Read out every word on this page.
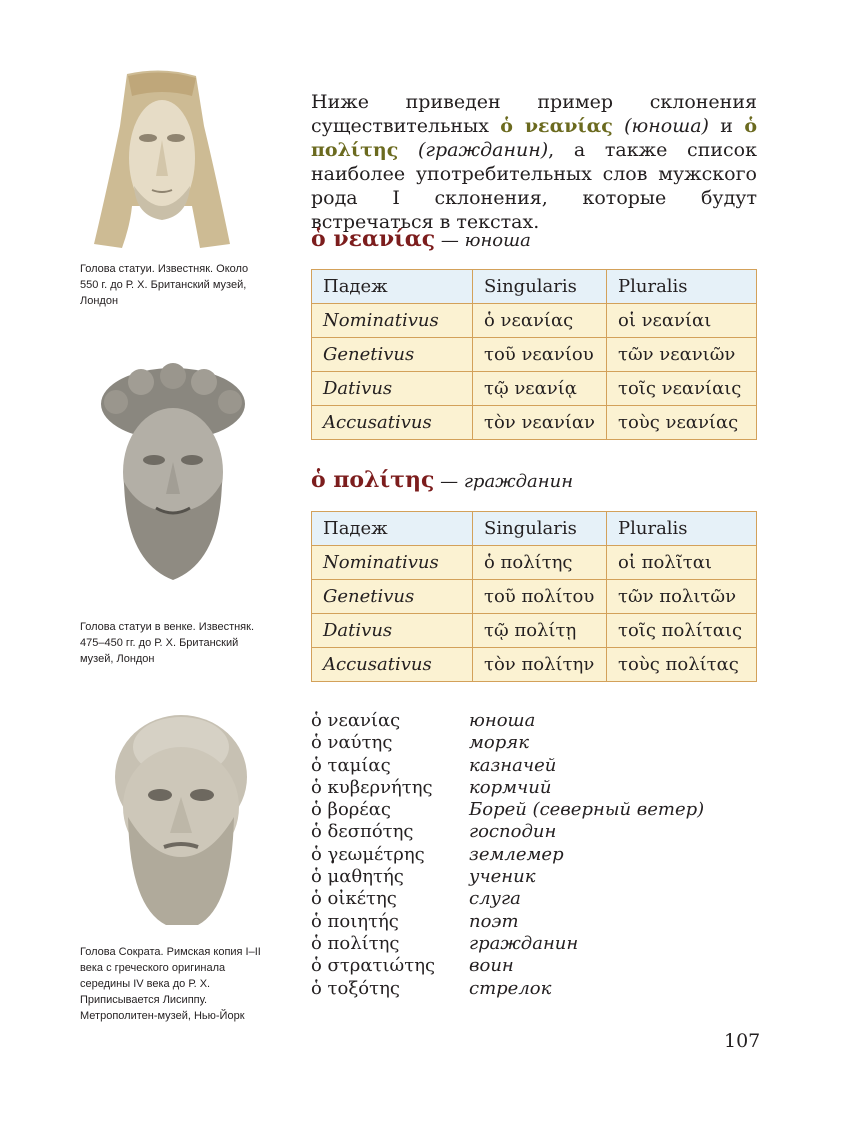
Голова статуи. Известняк. Около 550 г. до Р. Х. Британский музей, Лондон
Голова статуи в венке. Известняк. 475–450 гг. до Р. Х. Британский музей, Лондон
Голова Сократа. Римская копия I–II века с греческого оригинала середины IV века до Р. Х. Приписывается Лисиппу. Метрополитен-музей, Нью-Йорк
Ниже приведен пример склонения существительных ὁ νεανίας (юноша) и ὁ πολίτης (гражданин), а также список наиболее употребительных слов мужского рода I склонения, которые будут встречаться в текстах.
ὁ νεανίας — юноша
Падеж	Singularis	Pluralis
Nominativus	ὁ νεανίας	οἱ νεανίαι
Genetivus	τοῦ νεανίου	τῶν νεανιῶν
Dativus	τῷ νεανίᾳ	τοῖς νεανίαις
Accusativus	τὸν νεανίαν	τοὺς νεανίας
ὁ πολίτης — гражданин
Падеж	Singularis	Pluralis
Nominativus	ὁ πολίτης	οἱ πολῖται
Genetivus	τοῦ πολίτου	τῶν πολιτῶν
Dativus	τῷ πολίτῃ	τοῖς πολίταις
Accusativus	τὸν πολίτην	τοὺς πολίτας
ὁ νεανίας	юноша
ὁ ναύτης	моряк
ὁ ταμίας	казначей
ὁ κυβερνήτης кормчий
ὁ βορέας	Борей (северный ветер)
ὁ δεσπότης	господин
ὁ γεωμέτρης землемер
ὁ μαθητής	ученик
ὁ οἰκέτης	слуга
ὁ ποιητής	поэт
ὁ πολίτης	гражданин
ὁ στρατιώτης воин
ὁ τοξότης	стрелок
107
